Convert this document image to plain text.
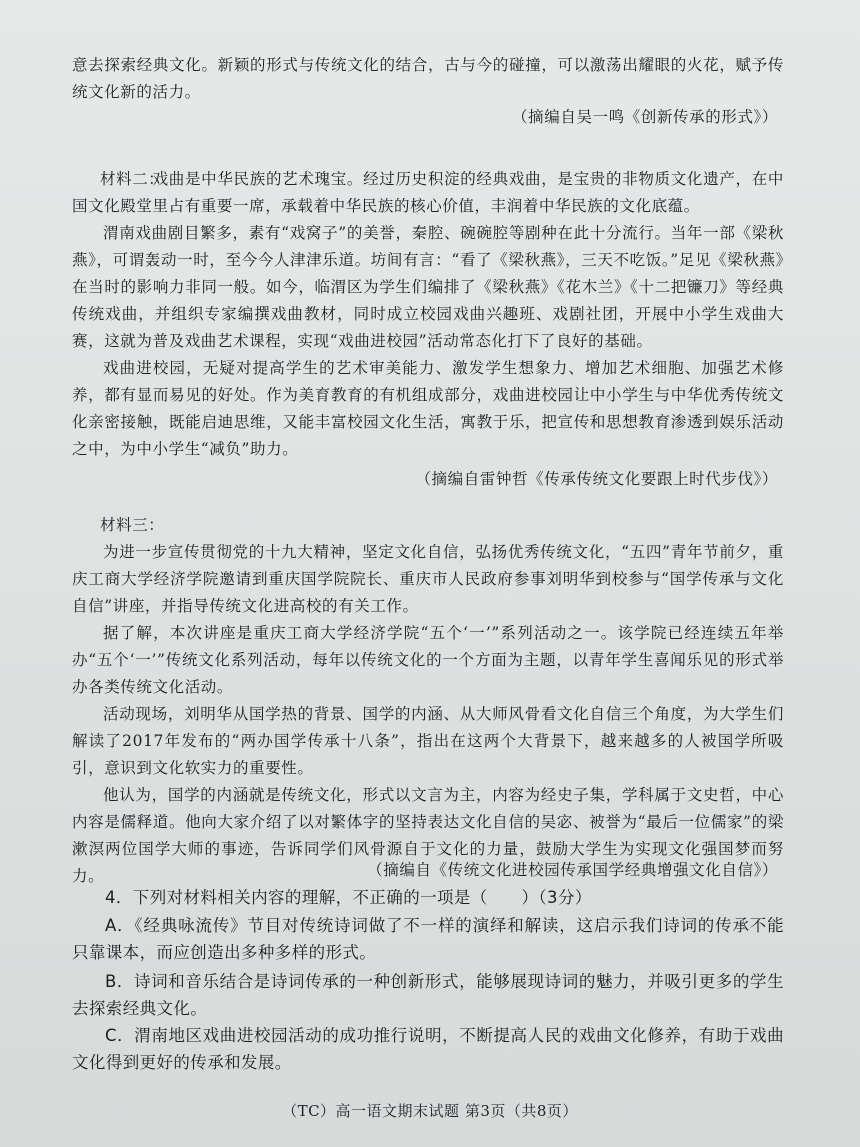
意去探索经典文化。新颖的形式与传统文化的结合，古与今的碰撞，可以激荡出耀眼的火花，赋予传统文化新的活力。

（摘编自吴一鸣《创新传承的形式》）
材料二：

戏曲是中华民族的艺术瑰宝。经过历史积淀的经典戏曲，是宝贵的非物质文化遗产，在中国文化殿堂里占有重要一席，承载着中华民族的核心价值，丰润着中华民族的文化底蕴。

渭南戏曲剧目繁多，素有“戏窝子”的美誉，秦腔、碗碗腔等剧种在此十分流行。当年一部《梁秋燕》，可谓轰动一时，至今今人津津乐道。坊间有言：“看了《梁秋燕》，三天不吃饭。”足见《梁秋燕》在当时的影响力非同一般。如今，临渭区为学生们编排了《梁秋燕》《花木兰》《十二把镰刀》等经典传统戏曲，并组织专家编撰戏曲教材，同时成立校园戏曲兴趣班、戏剧社团，开展中小学生戏曲大赛，这就为普及戏曲艺术课程，实现“戏曲进校园”活动常态化打下了良好的基础。

戏曲进校园，无疑对提高学生的艺术审美能力、激发学生想象力、增加艺术细胞、加强艺术修养，都有显而易见的好处。作为美育教育的有机组成部分，戏曲进校园让中小学生与中华优秀传统文化亲密接触，既能启迪思维，又能丰富校园文化生活，寓教于乐，把宣传和思想教育渗透到娱乐活动之中，为中小学生“减负”助力。

（摘编自雷钟哲《传承传统文化要跟上时代步伐》）
材料三：

为进一步宣传贯彻党的十九大精神，坚定文化自信，弘扬优秀传统文化，“五四”青年节前夕，重庆工商大学经济学院邀请到重庆国学院院长、重庆市人民政府参事刘明华到校参与“国学传承与文化自信”讲座，并指导传统文化进高校的有关工作。

据了解，本次讲座是重庆工商大学经济学院“五个‘一’”系列活动之一。该学院已经连续五年举办“五个‘一’”传统文化系列活动，每年以传统文化的一个方面为主题，以青年学生喜闻乐见的形式举办各类传统文化活动。

活动现场，刘明华从国学热的背景、国学的内涵、从大师风骨看文化自信三个角度，为大学生们解读了2017年发布的“两办国学传承十八条”，指出在这两个大背景下，越来越多的人被国学所吸引，意识到文化软实力的重要性。

他认为，国学的内涵就是传统文化，形式以文言为主，内容为经史子集，学科属于文史哲，中心内容是儒释道。他向大家介绍了以对繁体字的坚持表达文化自信的吴宓、被誉为“最后一位儒家”的梁漱溟两位国学大师的事迹，告诉同学们风骨源自于文化的力量，鼓励大学生为实现文化强国梦而努力。	（摘编自《传统文化进校园传承国学经典增强文化自信》）

4．下列对材料相关内容的理解，不正确的一项是（　　）（3分）

A．《经典咏流传》节目对传统诗词做了不一样的演绎和解读，这启示我们诗词的传承不能只靠课本，而应创造出多种多样的形式。

B．诗词和音乐结合是诗词传承的一种创新形式，能够展现诗词的魅力，并吸引更多的学生去探索经典文化。

C．渭南地区戏曲进校园活动的成功推行说明，不断提高人民的戏曲文化修养，有助于戏曲文化得到更好的传承和发展。

（TC）高一语文期末试题 第3页（共8页）
